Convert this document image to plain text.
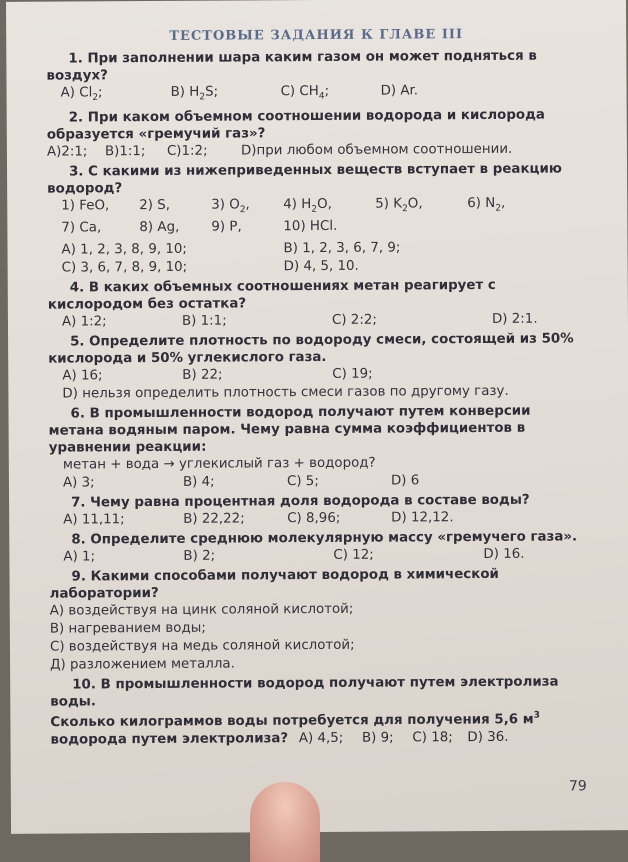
ТЕСТОВЫЕ ЗАДАНИЯ К ГЛАВЕ III
1. При заполнении шара каким газом он может подняться в воздух?
A) $Cl_2$;	B) $H_2S$;	C) $CH_4$;	D) Ar.
2. При каком объемном соотношении водорода и кислорода образуется «гремучий газ»?
A)2:1;	B)1:1;	C)1:2;	D)при любом объемном соотношении.
3. С какими из нижеприведенных веществ вступает в реакцию водород?
1) FeO,	2) S,	3) $O_2$,	4) $H_2O$,	5) $K_2O$,	6) $N_2$,
7) Ca,	8) Ag,	9) P,	10) HCl.
A) 1, 2, 3, 8, 9, 10;	B) 1, 2, 3, 6, 7, 9;
C) 3, 6, 7, 8, 9, 10;	D) 4, 5, 10.
4. В каких объемных соотношениях метан реагирует с кислородом без остатка?
A) 1:2;	B) 1:1;	C) 2:2;	D) 2:1.
5. Определите плотность по водороду смеси, состоящей из 50% кислорода и 50% углекислого газа.
A) 16;	B) 22;	C) 19;
D) нельзя определить плотность смеси газов по другому газу.
6. В промышленности водород получают путем конверсии метана водяным паром. Чему равна сумма коэффициентов в уравнении реакции:
метан + вода → углекислый газ + водород?
A) 3;	B) 4;	C) 5;	D) 6
7. Чему равна процентная доля водорода в составе воды?
A) 11,11;	B) 22,22;	C) 8,96;	D) 12,12.
8. Определите среднюю молекулярную массу «гремучего газа».
A) 1;	B) 2;	C) 12;	D) 16.
9. Какими способами получают водород в химической лаборатории?
A) воздействуя на цинк соляной кислотой;
B) нагреванием воды;
C) воздействуя на медь соляной кислотой;
Д) разложением металла.
10. В промышленности водород получают путем электролиза воды.
Сколько килограммов воды потребуется для получения 5,6 $м^3$ водорода путем электролиза? A) 4,5; B) 9; C) 18; D) 36.
79
